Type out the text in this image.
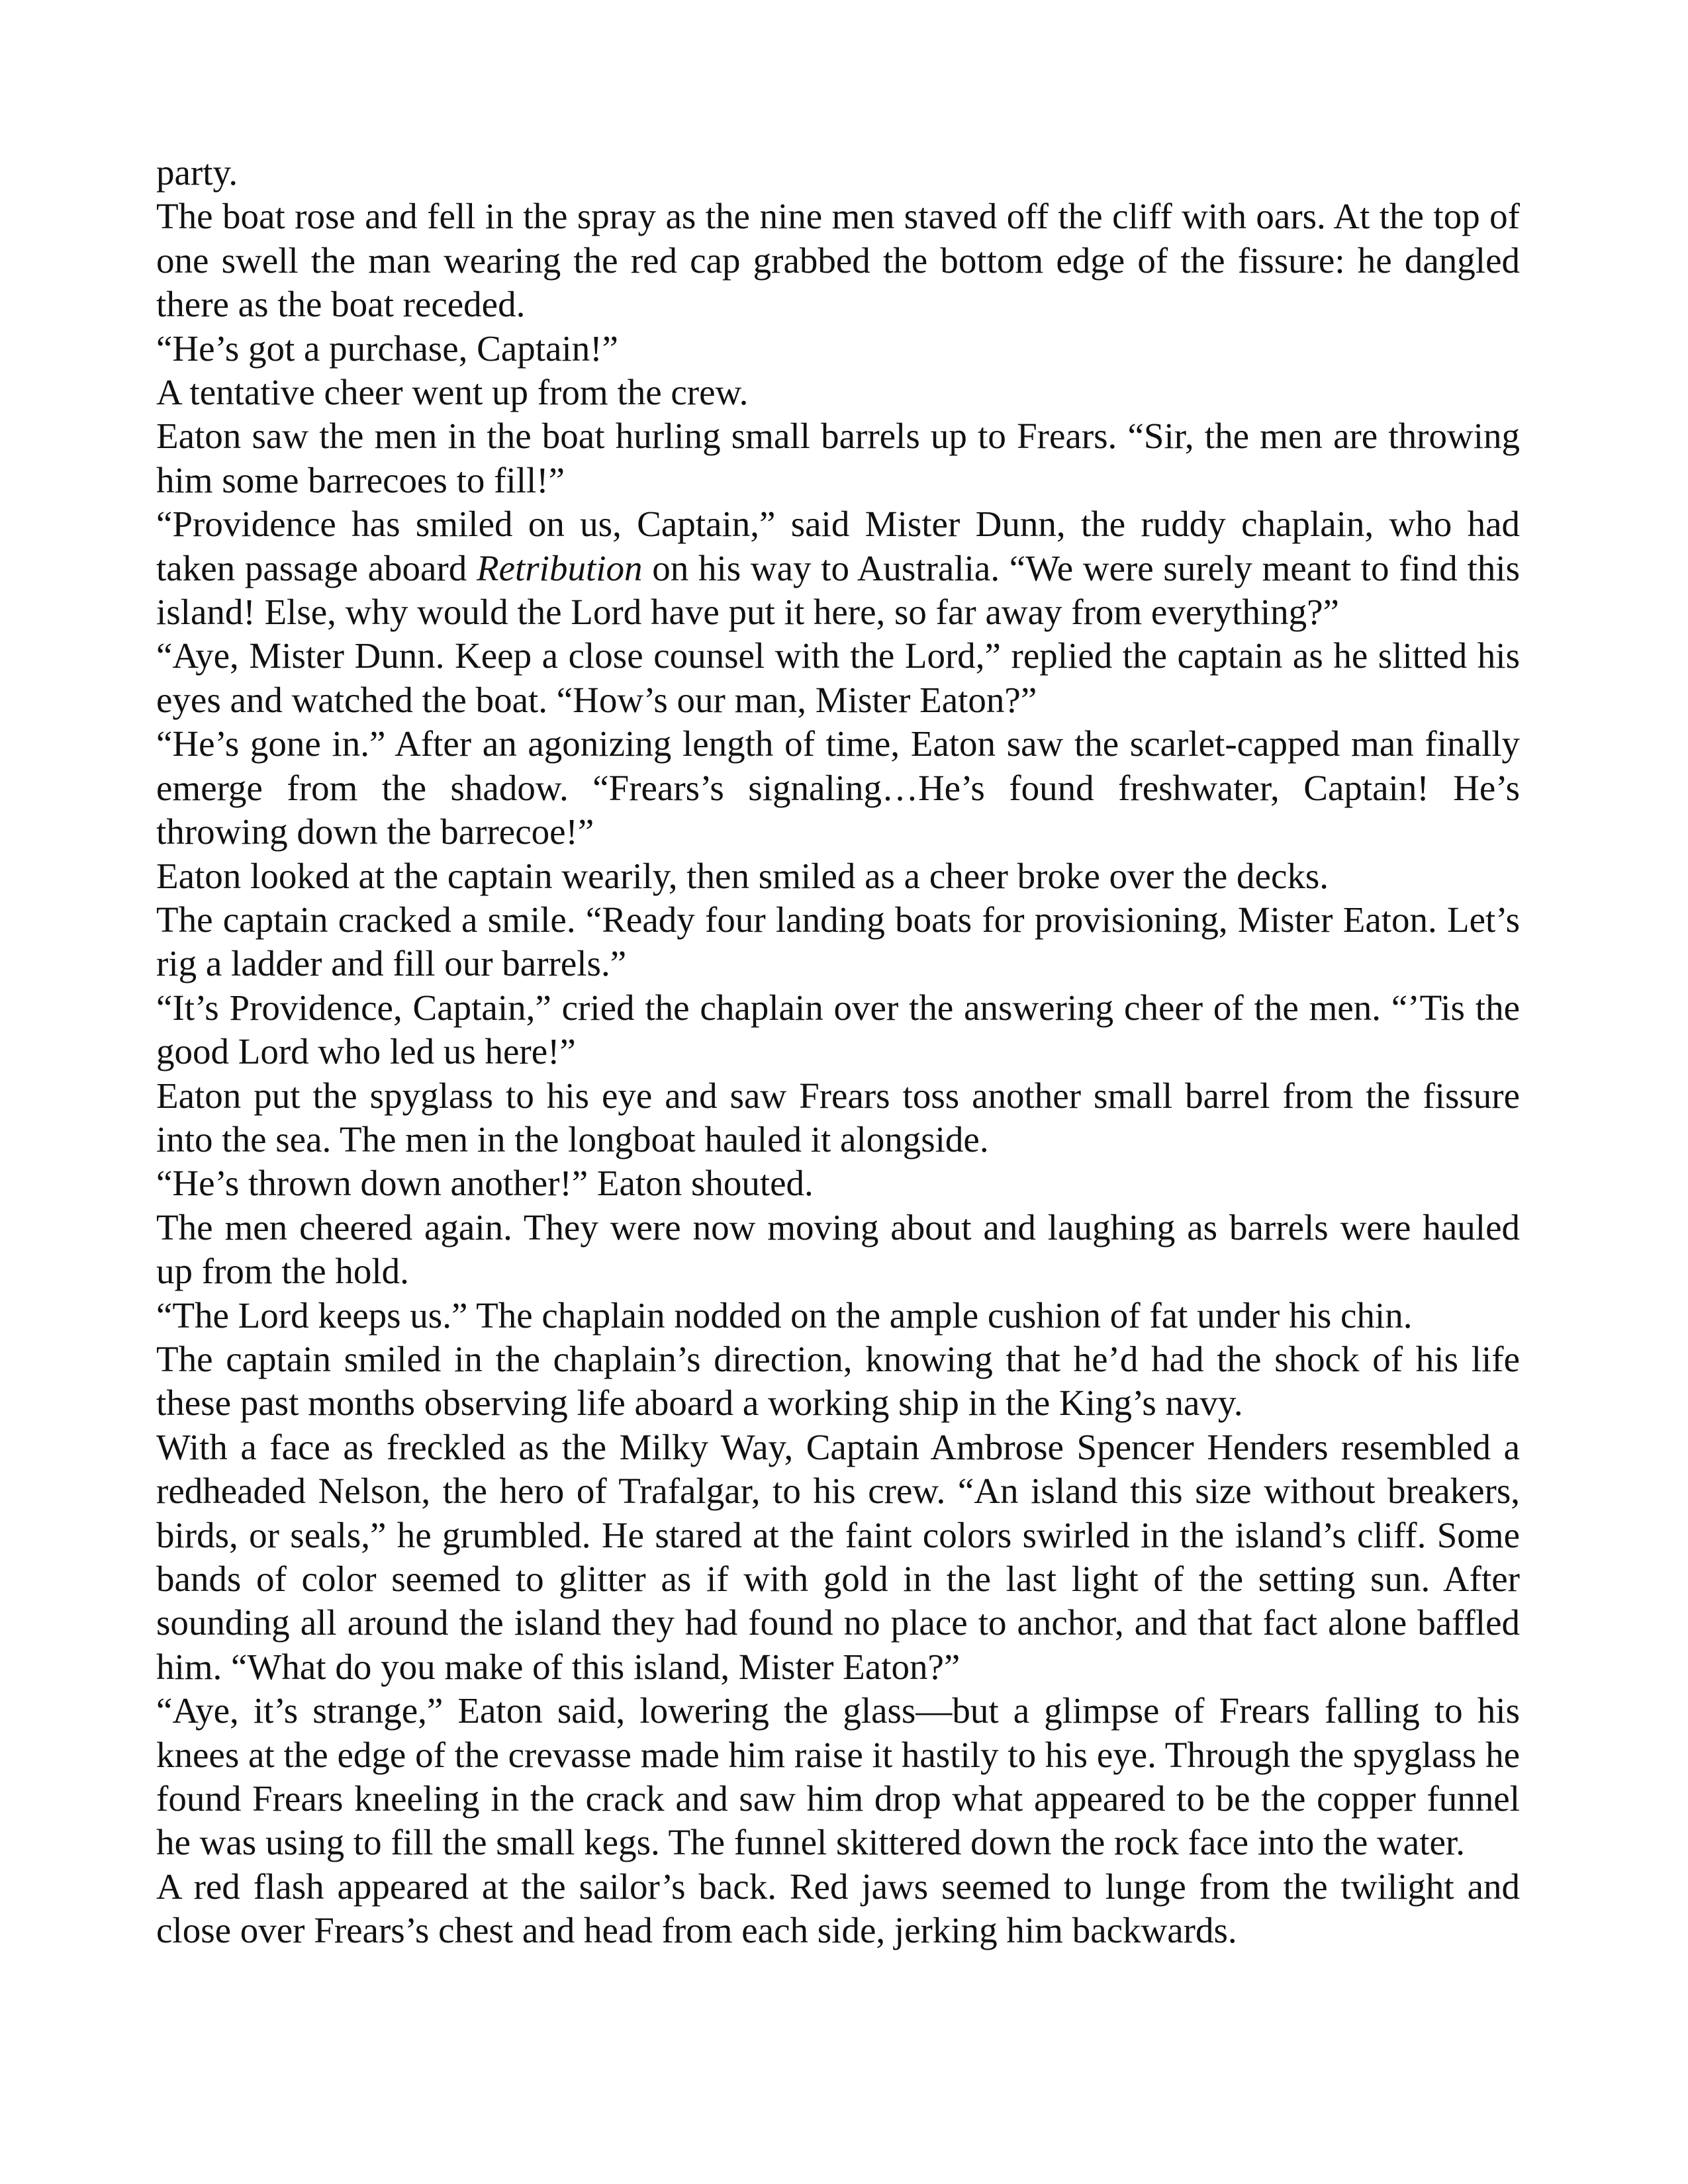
party.

The boat rose and fell in the spray as the nine men staved off the cliff with oars. At the top of one swell the man wearing the red cap grabbed the bottom edge of the fissure: he dangled there as the boat receded.

“He’s got a purchase, Captain!”

A tentative cheer went up from the crew.

Eaton saw the men in the boat hurling small barrels up to Frears. “Sir, the men are throwing him some barrecoes to fill!”

“Providence has smiled on us, Captain,” said Mister Dunn, the ruddy chaplain, who had taken passage aboard Retribution on his way to Australia. “We were surely meant to find this island! Else, why would the Lord have put it here, so far away from everything?”

“Aye, Mister Dunn. Keep a close counsel with the Lord,” replied the captain as he slitted his eyes and watched the boat. “How’s our man, Mister Eaton?”

“He’s gone in.” After an agonizing length of time, Eaton saw the scarlet-capped man finally emerge from the shadow. “Frears’s signaling…He’s found freshwater, Captain! He’s throwing down the barrecoe!”

Eaton looked at the captain wearily, then smiled as a cheer broke over the decks.

The captain cracked a smile. “Ready four landing boats for provisioning, Mister Eaton. Let’s rig a ladder and fill our barrels.”

“It’s Providence, Captain,” cried the chaplain over the answering cheer of the men. “’Tis the good Lord who led us here!”

Eaton put the spyglass to his eye and saw Frears toss another small barrel from the fissure into the sea. The men in the longboat hauled it alongside.

“He’s thrown down another!” Eaton shouted.

The men cheered again. They were now moving about and laughing as barrels were hauled up from the hold.

“The Lord keeps us.” The chaplain nodded on the ample cushion of fat under his chin.

The captain smiled in the chaplain’s direction, knowing that he’d had the shock of his life these past months observing life aboard a working ship in the King’s navy.

With a face as freckled as the Milky Way, Captain Ambrose Spencer Henders resembled a redheaded Nelson, the hero of Trafalgar, to his crew. “An island this size without breakers, birds, or seals,” he grumbled. He stared at the faint colors swirled in the island’s cliff. Some bands of color seemed to glitter as if with gold in the last light of the setting sun. After sounding all around the island they had found no place to anchor, and that fact alone baffled him. “What do you make of this island, Mister Eaton?”

“Aye, it’s strange,” Eaton said, lowering the glass—but a glimpse of Frears falling to his knees at the edge of the crevasse made him raise it hastily to his eye. Through the spyglass he found Frears kneeling in the crack and saw him drop what appeared to be the copper funnel he was using to fill the small kegs. The funnel skittered down the rock face into the water.

A red flash appeared at the sailor’s back. Red jaws seemed to lunge from the twilight and close over Frears’s chest and head from each side, jerking him backwards.
